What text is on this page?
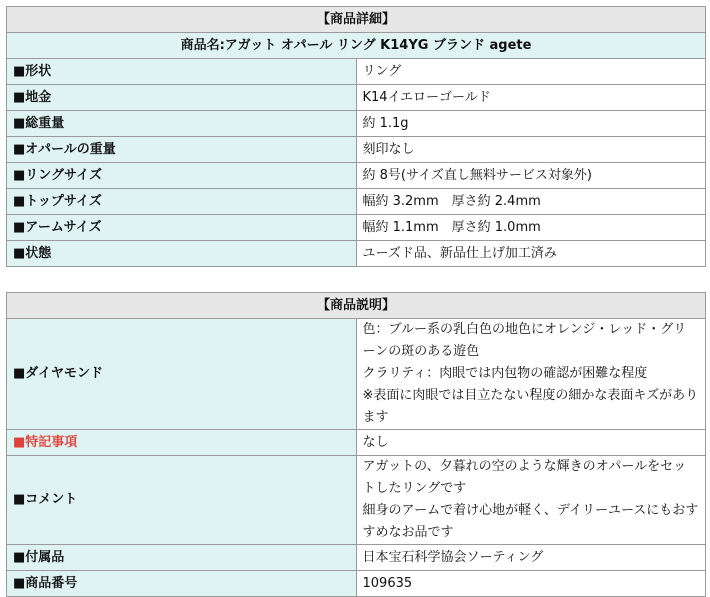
【商品詳細】	
商品名:アガット オパール リング K14YG ブランド agete	
■形状	リング
■地金	K14イエローゴールド
■総重量	約 1.1g
■オパールの重量	刻印なし
■リングサイズ	約 8号(サイズ直し無料サービス対象外)
■トップサイズ	幅約 3.2mm　厚さ約 2.4mm
■アームサイズ	幅約 1.1mm　厚さ約 1.0mm
■状態	ユーズド品、新品仕上げ加工済み
【商品説明】	
■ダイヤモンド	色：ブルー系の乳白色の地色にオレンジ・レッド・グリーンの斑のある遊色
クラリティ：肉眼では内包物の確認が困難な程度
※表面に肉眼では目立たない程度の細かな表面キズがあります

■特記事項	なし
■コメント	アガットの、夕暮れの空のような輝きのオパールをセットしたリングです
細身のアームで着け心地が軽く、デイリーユースにもおすすめなお品です

■付属品	日本宝石科学協会ソーティング
■商品番号	109635
